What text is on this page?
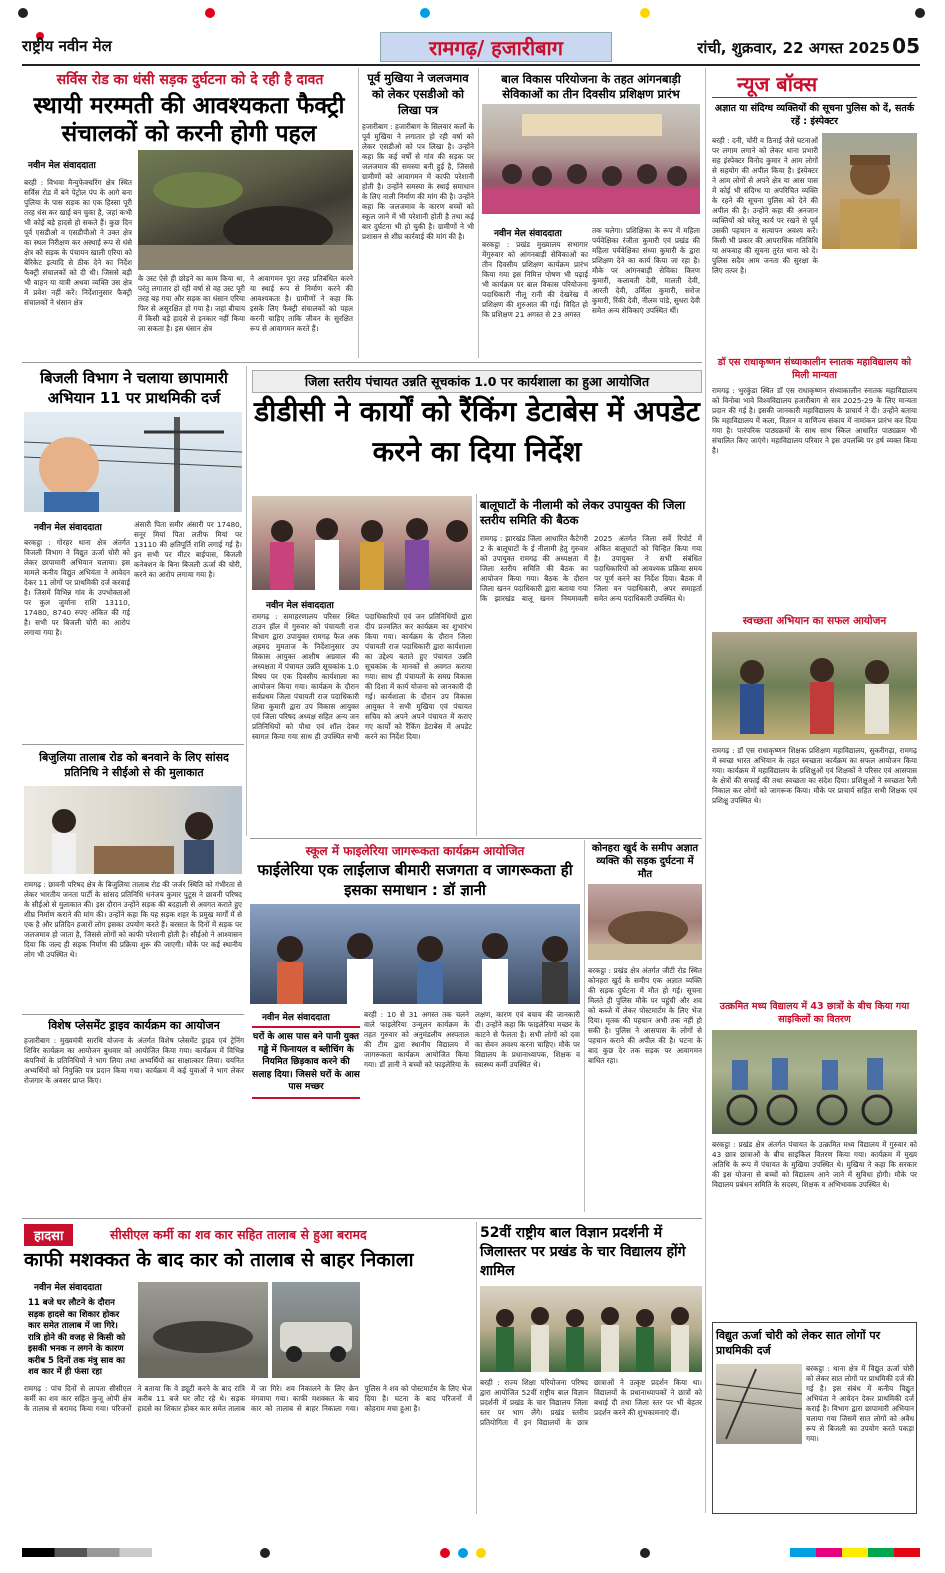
राष्ट्रीय नवीन मेल	रामगढ़/ हजारीबाग	रांची, शुक्रवार, 22 अगस्त 2025 05
सर्विस रोड का धंसी सड़क दुर्घटना को दे रही है दावत
स्थायी मरम्मती की आवश्यकता फैक्ट्री संचालकों को करनी होगी पहल
नवीन मेल संवाददाता
बरही : विभवा मैन्युफेक्चरिंग क्षेत्र स्थित सर्विस रोड में बने पेट्रोल पंप के आगे बना पुलिया के पास सड़क का एक हिस्सा पूरी तरह धंस कर खाई बन चुका है, जहां कभी भी कोई बड़े हादसे हो सकते हैं। कुछ दिन पूर्व एसडीओ व एसडीपीओ ने उक्त क्षेत्र का स्थल निरीक्षण कर अस्थाई रूप से धंसे क्षेत्र को सड़क के पंचायन खाली एरिया को बेरिकेट इत्यादि से ठीक देने का निर्देश फैक्ट्री संचालकों को दी थी। जिससे बड़ी भी वाहन या यात्री अथवा व्यक्ति उस क्षेत्र में प्रवेश नहीं करें। निर्देशानुसार फैक्ट्री संचालकों ने धंसान क्षेत्र
के उस्ट ऐसे ही छोड़ने का काम किया था, परंतु लगातार हो रही वर्षा से वह उस्ट पूरी तरह बह गया और सड़क का धंसान एरिया फिर से असुरक्षित हो गया है। जहां बीचाय में किसी बड़े हादसे से इनकार नहीं किया जा सकता है। इस धंसान क्षेत्र
ने आवागमन पूरा तरह प्रतिबंधित करने या स्थाई रूप से निर्माण करने की आवश्यकता है। ग्रामीणों ने कहा कि इसके लिए फैक्ट्री संचालकों को पहल करनी चाहिए ताकि जीवन के सुरक्षित रूप से आवागमन करते हैं।
पूर्व मुखिया ने जलजमाव को लेकर एसडीओ को लिखा पत्र
हजारीबाग : हजारीबाग के सिलवार कलाँ के पूर्व मुखिया ने लगातार हो रही वर्षा को लेकर एसडीओ को पत्र लिखा है। उन्होंने कहा कि कई वर्षों से गांव की सड़क पर जलजमाव की समस्या बनी हुई है, जिससे ग्रामीणों को आवागमन में काफी परेशानी होती है। उन्होंने समस्या के स्थाई समाधान के लिए नाली निर्माण की मांग की है। उन्होंने कहा कि जलजमाव के कारण बच्चों को स्कूल जाने में भी परेशानी होती है तथा कई बार दुर्घटना भी हो चुकी है। ग्रामीणों ने भी प्रशासन से शीघ्र कार्रवाई की मांग की है।
बाल विकास परियोजना के तहत आंगनबाड़ी सेविकाओं का तीन दिवसीय प्रशिक्षण प्रारंभ
नवीन मेल संवाददाता
बरकट्ठा : प्रखंड मुख्यालय सभागार मेंगुरुवार को आंगनबाड़ी सेविकाओं का तीन दिवसीय प्रशिक्षण कार्यक्रम प्रारंभ किया गया इस निमित्त पोषण भी पढ़ाई भी कार्यक्रम पर बाल विकास परियोजना पदाधिकारी नीलू रानी की देखरेख में प्रशिक्षण की शुरुआत की गई। विदित हो कि प्रशिक्षण 21 अगस्त से 23 अगस्त
तक चलेगा। प्रशिक्षिका के रूप में महिला पर्यवेक्षिका रंजीता कुमारी एवं प्रखंड की महिला पर्यवेक्षिका संध्या कुमारी के द्वारा प्रशिक्षण देने का कार्य किया जा रहा है। मौके पर आंगनबाड़ी सेविका किरण कुमारी, कलावती देवी, मालती देवी, आरती देवी, उर्मिला कुमारी, सरोज कुमारी, रिंकी देवी, नीलम पांडे, सुधरा देवी समेत अन्य सेविकाएं उपस्थित थीं।
न्यूज बॉक्स
अज्ञात या संदिग्ध व्यक्तियों की सूचना पुलिस को दें, सतर्क रहें : इंस्पेक्टर
बरही : दनी, चोरी व ठिनाई जैसे घटनाओं पर लगाम लगाने को लेकर थाना प्रभारी सह इंस्पेक्टर विनोद कुमार ने आम लोगों से सहयोग की अपील किया है। इंस्पेक्टर ने आम लोगों से अपने क्षेत्र या आस पास में कोई भी संदिग्ध या अपरिचित व्यक्ति के रहने की सूचना पुलिस को देने की अपील की है। उन्होंने कहा की अनजान व्यक्तियों को घरेलू कार्य पर रखने से पूर्व उसकी पहचान व सत्यापन अवश्य करें। किसी भी प्रकार की आपराधिक गतिविधि या अफवाह की सूचना तुरंत थाना को दें। पुलिस सदैव आम जनता की सुरक्षा के लिए तत्पर है।
डॉ एस राधाकृष्णन संध्याकालीन स्नातक महाविद्यालय को मिली मान्यता
रामगढ़ : भुरकुंडा स्थित डॉ एस राधाकृष्णन संध्याकालीन स्नातक महाविद्यालय को विनोबा भावे विश्वविद्यालय हजारीबाग से सत्र 2025-29 के लिए मान्यता प्रदान की गई है। इसकी जानकारी महाविद्यालय के प्राचार्य ने दी। उन्होंने बताया कि महाविद्यालय में कला, विज्ञान व वाणिज्य संकाय में नामांकन प्रारंभ कर दिया गया है। पारंपरिक पाठ्यक्रमों के साथ साथ स्किल आधारित पाठ्यक्रम भी संचालित किए जाएंगे। महाविद्यालय परिवार ने इस उपलब्धि पर हर्ष व्यक्त किया है।
स्वच्छता अभियान का सफल आयोजन
रामगढ़ : डॉ एस राधाकृष्णन शिक्षक प्रशिक्षण महाविद्यालय, सुकरीगढ़ा, रामगढ़ में स्वच्छ भारत अभियान के तहत स्वच्छता कार्यक्रम का सफल आयोजन किया गया। कार्यक्रम में महाविद्यालय के प्रशिक्षुओं एवं शिक्षकों ने परिसर एवं आसपास के क्षेत्रों की सफाई की तथा स्वच्छता का संदेश दिया। प्रशिक्षुओं ने स्वच्छता रैली निकाल कर लोगों को जागरूक किया। मौके पर प्राचार्य सहित सभी शिक्षक एवं प्रशिक्षु उपस्थित थे।
उत्क्रमित मध्य विद्यालय में 43 छात्रों के बीच किया गया साइकिलों का वितरण
बरकट्ठा : प्रखंड क्षेत्र अंतर्गत पंचायत के उत्क्रमित मध्य विद्यालय में गुरुवार को 43 छात्र छात्राओं के बीच साइकिल वितरण किया गया। कार्यक्रम में मुख्य अतिथि के रूप में पंचायत के मुखिया उपस्थित थे। मुखिया ने कहा कि सरकार की इस योजना से बच्चों को विद्यालय आने जाने में सुविधा होगी। मौके पर विद्यालय प्रबंधन समिति के सदस्य, शिक्षक व अभिभावक उपस्थित थे।
विद्युत ऊर्जा चोरी को लेकर सात लोगों पर प्राथमिकी दर्ज
बरकट्ठा : थाना क्षेत्र में विद्युत ऊर्जा चोरी को लेकर सात लोगों पर प्राथमिकी दर्ज की गई है। इस संबंध में कनीय विद्युत अभियंता ने आवेदन देकर प्राथमिकी दर्ज कराई है। विभाग द्वारा छापामारी अभियान चलाया गया जिसमें सात लोगों को अवैध रूप से बिजली का उपयोग करते पकड़ा गया।
बिजली विभाग ने चलाया छापामारी अभियान 11 पर प्राथमिकी दर्ज
नवीन मेल संवाददाता
बरकट्ठा : गोरहर थाना क्षेत्र अंतर्गत विजली विभाग ने विद्युत ऊर्जा चोरी को लेकर छापामारी अभियान चलाया। इस मामले कनीय विद्युत अभियंता ने आवेदन देकर 11 लोगों पर प्राथमिकी दर्ज करवाई है। जिसमें विभिन्न गांव के उपभोक्ताओं पर कुल जुर्माना राशि 13110, 17480, 8740 रुपए अंकित की गई है। सभी पर बिजली चोरी का आरोप लगाया गया है।
अंसारी पिता समीर अंसारी पर 17480, सनूर मियां पिता लतीफ मियां पर 13110 की क्षतिपूर्ति राशि लगाई गई है। इन सभी पर मीटर बाईपास, बिजली कनेक्शन के बिना बिजली ऊर्जा की चोरी, करने का आरोप लगाया गया है।
जिला स्तरीय पंचायत उन्नति सूचकांक 1.0 पर कार्यशाला का हुआ आयोजित
डीडीसी ने कार्यों को रैंकिंग डेटाबेस में अपडेट करने का दिया निर्देश
नवीन मेल संवाददाता
रामगढ़ : समाहरणालय परिसर स्थित टाउन हॉल में गुरुवार को पंचायती राज विभाग द्वारा उपायुक्त रामगढ़ फैज अक अहमद मुमताज के निर्देशानुसार उप विकास आयुक्त आशीष अग्रवाल की अध्यक्षता में पंचायत उन्नति सूचकांक 1.0 विषय पर एक दिवसीय कार्यशाला का आयोजन किया गया। कार्यक्रम के दौरान सर्वप्रथम जिला पंचायती राज पदाधिकारी शिवा कुमारी द्वारा उप विकास आयुक्त एवं जिला परिषद अध्यक्ष सहित अन्य जन प्रतिनिधियों को पौधा एवं शॉल देकर स्वागत किया गया साथ ही उपस्थित सभी पदाधिकारियों एवं जन प्रतिनिधियों द्वारा दीप प्रज्वलित कर कार्यक्रम का शुभारंभ किया गया। कार्यक्रम के दौरान जिला पंचायती राज पदाधिकारी द्वारा कार्यशाला का उद्देश्य बताते हुए पंचायत उन्नति सूचकांक के मानकों से अवगत कराया गया। साथ ही पंचायतों के समग्र विकास की दिशा में कार्य योजना को जानकारी दी गई। कार्यशाला के दौरान उप विकास आयुक्त ने सभी मुखिया एवं पंचायत सचिव को अपने अपने पंचायत में कराए गए कार्यों को रैंकिंग डेटाबेस में अपडेट करने का निर्देश दिया।
बालूघाटों के नीलामी को लेकर उपायुक्त की जिला स्तरीय समिति की बैठक
रामगढ़ : झारखंड जिला आधारित कैटेगरी 2 के बालूघाटों के ई नीलामी हेतु गुरुवार को उपायुक्त रामगढ़ की अध्यक्षता में जिला स्तरीय समिति की बैठक का आयोजन किया गया। बैठक के दौरान जिला खनन पदाधिकारी द्वारा बताया गया कि झारखंड बालू खनन नियमावली 2025 अंतर्गत जिला सर्वे रिपोर्ट में अंकित बालूघाटों को चिन्हित किया गया है। उपायुक्त ने सभी संबंधित पदाधिकारियों को आवश्यक प्रक्रिया समय पर पूर्ण करने का निर्देश दिया। बैठक में जिला वन पदाधिकारी, अपर समाहर्ता समेत अन्य पदाधिकारी उपस्थित थे।
बिजुलिया तालाब रोड को बनवाने के लिए सांसद प्रतिनिधि ने सीईओ से की मुलाकात
रामगढ़ : छावनी परिषद क्षेत्र के बिजुलिया तालाब रोड की जर्जर स्थिति को गंभीरता से लेकर भारतीय जनता पार्टी के सांसद प्रतिनिधि धनंजय कुमार पुटूस ने छावनी परिषद के सीईओ से मुलाकात की। इस दौरान उन्होंने सड़क की बदहाली से अवगत कराते हुए शीघ्र निर्माण कराने की मांग की। उन्होंने कहा कि यह सड़क शहर के प्रमुख मार्गों में से एक है और प्रतिदिन हजारों लोग इसका उपयोग करते हैं। बरसात के दिनों में सड़क पर जलजमाव हो जाता है, जिससे लोगों को काफी परेशानी होती है। सीईओ ने आश्वासन दिया कि जल्द ही सड़क निर्माण की प्रक्रिया शुरू की जाएगी। मौके पर कई स्थानीय लोग भी उपस्थित थे।
स्कूल में फाइलेरिया जागरूकता कार्यक्रम आयोजित
फाईलेरिया एक लाईलाज बीमारी सजगता व जागरूकता ही इसका समाधान : डॉ ज्ञानी
नवीन मेल संवाददाता
घरों के आस पास बने पानी युक्त गड्ढे में फिनायल व ब्लीचिंग के नियमित छिड़काव करने की सलाह दिया। जिससे घरों के आस पास मच्छर
बरही : 10 से 31 अगस्त तक चलने वाले फाइलेरिया उन्मूलन कार्यक्रम के तहत गुरुवार को अनुमंडलीय अस्पताल की टीम द्वारा स्थानीय विद्यालय में जागरूकता कार्यक्रम आयोजित किया गया। डॉ ज्ञानी ने बच्चों को फाइलेरिया के लक्षण, कारण एवं बचाव की जानकारी दी। उन्होंने कहा कि फाइलेरिया मच्छर के काटने से फैलता है। सभी लोगों को दवा का सेवन अवश्य करना चाहिए। मौके पर विद्यालय के प्रधानाध्यापक, शिक्षक व स्वास्थ्य कर्मी उपस्थित थे।
कोनहरा खुर्द के समीप अज्ञात व्यक्ति की सड़क दुर्घटना में मौत
बरकट्ठा : प्रखंड क्षेत्र अंतर्गत जीटी रोड स्थित कोनहरा खुर्द के समीप एक अज्ञात व्यक्ति की सड़क दुर्घटना में मौत हो गई। सूचना मिलते ही पुलिस मौके पर पहुंची और शव को कब्जे में लेकर पोस्टमार्टम के लिए भेज दिया। मृतक की पहचान अभी तक नहीं हो सकी है। पुलिस ने आसपास के लोगों से पहचान कराने की अपील की है। घटना के बाद कुछ देर तक सड़क पर आवागमन बाधित रहा।
विशेष प्लेसमेंट ड्राइव कार्यक्रम का आयोजन
हजारीबाग : मुख्यमंत्री सारथि योजना के अंतर्गत विशेष प्लेसमेंट ड्राइव एवं ट्रेनिंग शिविर कार्यक्रम का आयोजन बुधवार को आयोजित किया गया। कार्यक्रम में विभिन्न कंपनियों के प्रतिनिधियों ने भाग लिया तथा अभ्यर्थियों का साक्षात्कार लिया। चयनित अभ्यर्थियों को नियुक्ति पत्र प्रदान किया गया। कार्यक्रम में कई युवाओं ने भाग लेकर रोजगार के अवसर प्राप्त किए।
हादसा	सीसीएल कर्मी का शव कार सहित तालाब से हुआ बरामद
काफी मशक्कत के बाद कार को तालाब से बाहर निकाला
नवीन मेल संवाददाता
11 बजे घर लौटने के दौरान सड़क हादसे का शिकार होकर कार समेत तालाब में जा गिरे। रात्रि होने की वजह से किसी को इसकी भनक न लगने के कारण करीब 5 दिनों तक मंत्रु साव का शव कार में ही फंसा रहा
रामगढ़ : पांच दिनों से लापता सीसीएल कर्मी का शव कार सहित कुजू ओपी क्षेत्र के तालाब से बरामद किया गया। परिजनों ने बताया कि वे ड्यूटी करने के बाद रात्रि करीब 11 बजे घर लौट रहे थे। सड़क हादसे का शिकार होकर कार समेत तालाब में जा गिरे। शव निकालने के लिए क्रेन मंगवाया गया। काफी मशक्कत के बाद कार को तालाब से बाहर निकाला गया। पुलिस ने शव को पोस्टमार्टम के लिए भेज दिया है। घटना के बाद परिजनों में कोहराम मचा हुआ है।
52वीं राष्ट्रीय बाल विज्ञान प्रदर्शनी में जिलास्तर पर प्रखंड के चार विद्यालय होंगे शामिल
बरही : राज्य शिक्षा परियोजना परिषद द्वारा आयोजित 52वीं राष्ट्रीय बाल विज्ञान प्रदर्शनी में प्रखंड के चार विद्यालय जिला स्तर पर भाग लेंगे। प्रखंड स्तरीय प्रतियोगिता में इन विद्यालयों के छात्र छात्राओं ने उत्कृष्ट प्रदर्शन किया था। विद्यालयों के प्रधानाध्यापकों ने छात्रों को बधाई दी तथा जिला स्तर पर भी बेहतर प्रदर्शन करने की शुभकामनाएं दीं।
